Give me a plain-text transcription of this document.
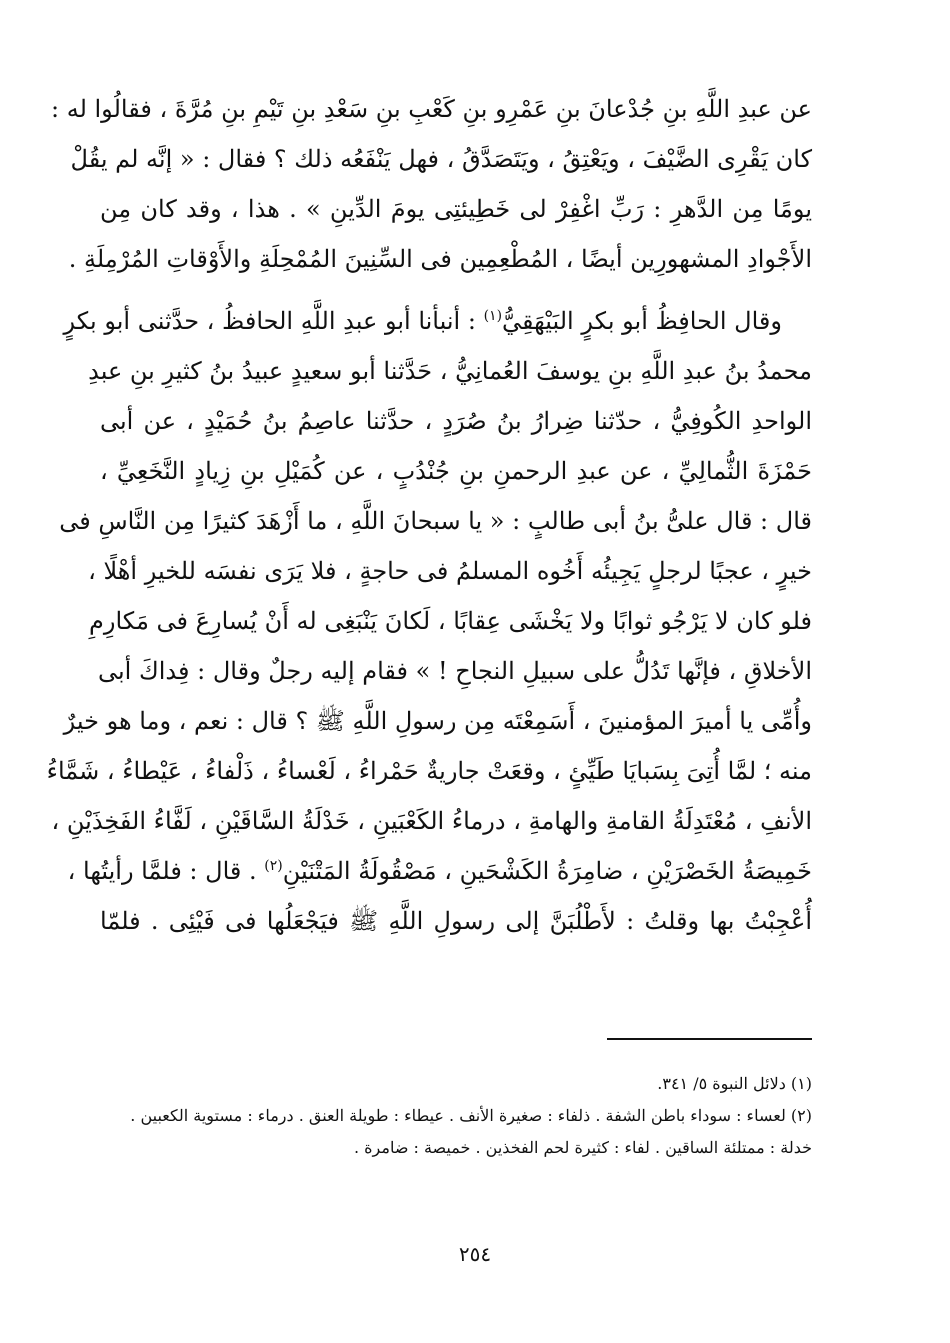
عن عبدِ اللَّهِ بنِ جُدْعانَ بنِ عَمْرِو بنِ كَعْبِ بنِ سَعْدِ بنِ تَيْمِ بنِ مُرَّةَ ، فقالُوا له :
كان يَقْرِى الضَّيْفَ ، ويَعْتِقُ ، ويَتَصَدَّقُ ، فهل يَنْفَعُه ذلك ؟ فقال : « إنَّه لم يقُلْ
يومًا مِن الدَّهرِ : رَبِّ اغْفِرْ لى خَطِيئتِى يومَ الدِّينِ » . هذا ، وقد كان مِن
الأَجْوادِ المشهورِين أيضًا ، المُطْعِمِين فى السِّنِينَ المُمْحِلَةِ والأَوْقاتِ المُرْمِلَةِ .
وقال الحافِظُ أبو بكرٍ البَيْهَقِيُّ$^{(١)}$ : أنبأنا أبو عبدِ اللَّهِ الحافظُ ، حدَّثنى أبو بكرٍ
محمدُ بنُ عبدِ اللَّهِ بنِ يوسفَ العُمانِيُّ ، حَدَّثنا أبو سعيدٍ عبيدُ بنُ كثيرِ بنِ عبدِ
الواحدِ الكُوفِيُّ ، حدّثنا ضِرارُ بنُ صُرَدٍ ، حدَّثنا عاصِمُ بنُ حُمَيْدٍ ، عن أبى
حَمْزَةَ الثُّمالِيِّ ، عن عبدِ الرحمنِ بنِ جُنْدُبٍ ، عن كُمَيْلِ بنِ زِيادٍ النَّخَعِيِّ ،
قال : قال علىُّ بنُ أبى طالبٍ : « يا سبحانَ اللَّهِ ، ما أَزْهَدَ كثيرًا مِن النَّاسِ فى
خيرٍ ، عجبًا لرجلٍ يَجِيئُه أَخُوه المسلمُ فى حاجةٍ ، فلا يَرَى نفسَه للخيرِ أهْلًا ،
فلو كان لا يَرْجُو ثوابًا ولا يَخْشَى عِقابًا ، لَكانَ يَنْبَغِى له أَنْ يُسارِعَ فى مَكارِمِ
الأخلاقِ ، فإنَّها تَدُلُّ على سبيلِ النجاحِ ! » فقام إليه رجلٌ وقال : فِداكَ أبى
وأُمِّى يا أميرَ المؤمنينَ ، أَسَمِعْتَه مِن رسولِ اللَّهِ ﷺ ؟ قال : نعم ، وما هو خيرٌ
منه ؛ لمَّا أُتِىَ بِسَبايَا طَيِّئٍ ، وقعَتْ جاريةٌ حَمْراءُ ، لَعْساءُ ، ذَلْفاءُ ، عَيْطاءُ ، شَمَّاءُ
الأنفِ ، مُعْتَدِلَةُ القامةِ والهامةِ ، درماءُ الكَعْبَينِ ، خَدْلَةُ السَّاقَيْنِ ، لَفَّاءُ الفَخِذَيْنِ ،
خَمِيصَةُ الخَصْرَيْنِ ، ضامِرَةُ الكَشْحَينِ ، مَصْقُولَةُ المَتْنَيْنِ$^{(٢)}$ . قال : فلمَّا رأيتُها ،
أُعْجِبْتُ بها وقلتُ : لأَطْلُبَنَّ إلى رسولِ اللَّهِ ﷺ فيَجْعَلُها فى فَيْئِى . فلمّا
(١) دلائل النبوة ٥/ ٣٤١.
(٢) لعساء : سوداء باطن الشفة . ذلفاء : صغيرة الأنف . عيطاء : طويلة العنق . درماء : مستوية الكعبين .
خدلة : ممتلئة الساقين . لفاء : كثيرة لحم الفخذين . خميصة : ضامرة .
٢٥٤
